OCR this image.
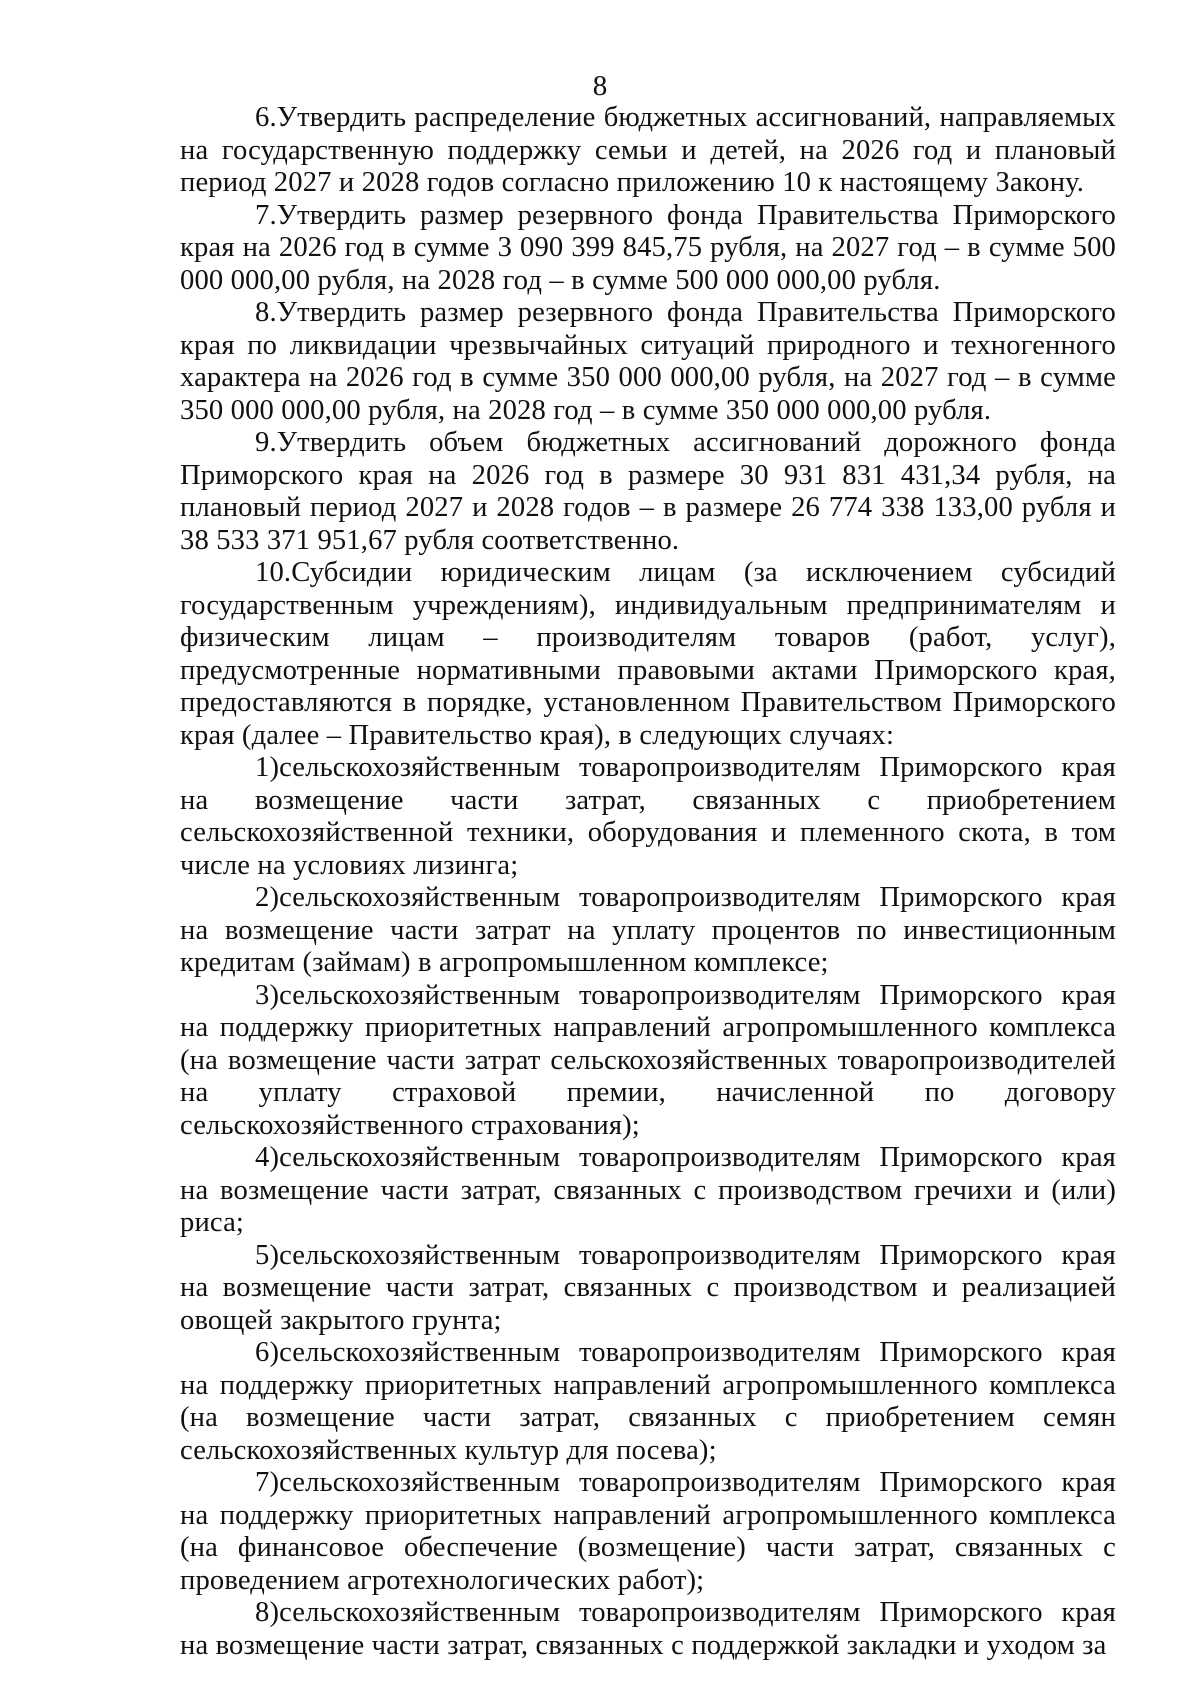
8

6.Утвердить распределение бюджетных ассигнований, направляемых на государственную поддержку семьи и детей, на 2026 год и плановый период 2027 и 2028 годов согласно приложению 10 к настоящему Закону.

7.Утвердить размер резервного фонда Правительства Приморского края на 2026 год в сумме 3 090 399 845,75 рубля, на 2027 год – в сумме 500 000 000,00 рубля, на 2028 год – в сумме 500 000 000,00 рубля.

8.Утвердить размер резервного фонда Правительства Приморского края по ликвидации чрезвычайных ситуаций природного и техногенного характера на 2026 год в сумме 350 000 000,00 рубля, на 2027 год – в сумме 350 000 000,00 рубля, на 2028 год – в сумме 350 000 000,00 рубля.

9.Утвердить объем бюджетных ассигнований дорожного фонда Приморского края на 2026 год в размере 30 931 831 431,34 рубля, на плановый период 2027 и 2028 годов – в размере 26 774 338 133,00 рубля и 38 533 371 951,67 рубля соответственно.

10.Субсидии юридическим лицам (за исключением субсидий государственным учреждениям), индивидуальным предпринимателям и физическим лицам – производителям товаров (работ, услуг), предусмотренные нормативными правовыми актами Приморского края, предоставляются в порядке, установленном Правительством Приморского края (далее – Правительство края), в следующих случаях:

1)сельскохозяйственным товаропроизводителям Приморского края на возмещение части затрат, связанных с приобретением сельскохозяйственной техники, оборудования и племенного скота, в том числе на условиях лизинга;

2)сельскохозяйственным товаропроизводителям Приморского края на возмещение части затрат на уплату процентов по инвестиционным кредитам (займам) в агропромышленном комплексе;

3)сельскохозяйственным товаропроизводителям Приморского края на поддержку приоритетных направлений агропромышленного комплекса (на возмещение части затрат сельскохозяйственных товаропроизводителей на уплату страховой премии, начисленной по договору сельскохозяйственного страхования);

4)сельскохозяйственным товаропроизводителям Приморского края на возмещение части затрат, связанных с производством гречихи и (или) риса;

5)сельскохозяйственным товаропроизводителям Приморского края на возмещение части затрат, связанных с производством и реализацией овощей закрытого грунта;

6)сельскохозяйственным товаропроизводителям Приморского края на поддержку приоритетных направлений агропромышленного комплекса (на возмещение части затрат, связанных с приобретением семян сельскохозяйственных культур для посева);

7)сельскохозяйственным товаропроизводителям Приморского края на поддержку приоритетных направлений агропромышленного комплекса (на финансовое обеспечение (возмещение) части затрат, связанных с проведением агротехнологических работ);

8)сельскохозяйственным товаропроизводителям Приморского края на возмещение части затрат, связанных с поддержкой закладки и уходом за
